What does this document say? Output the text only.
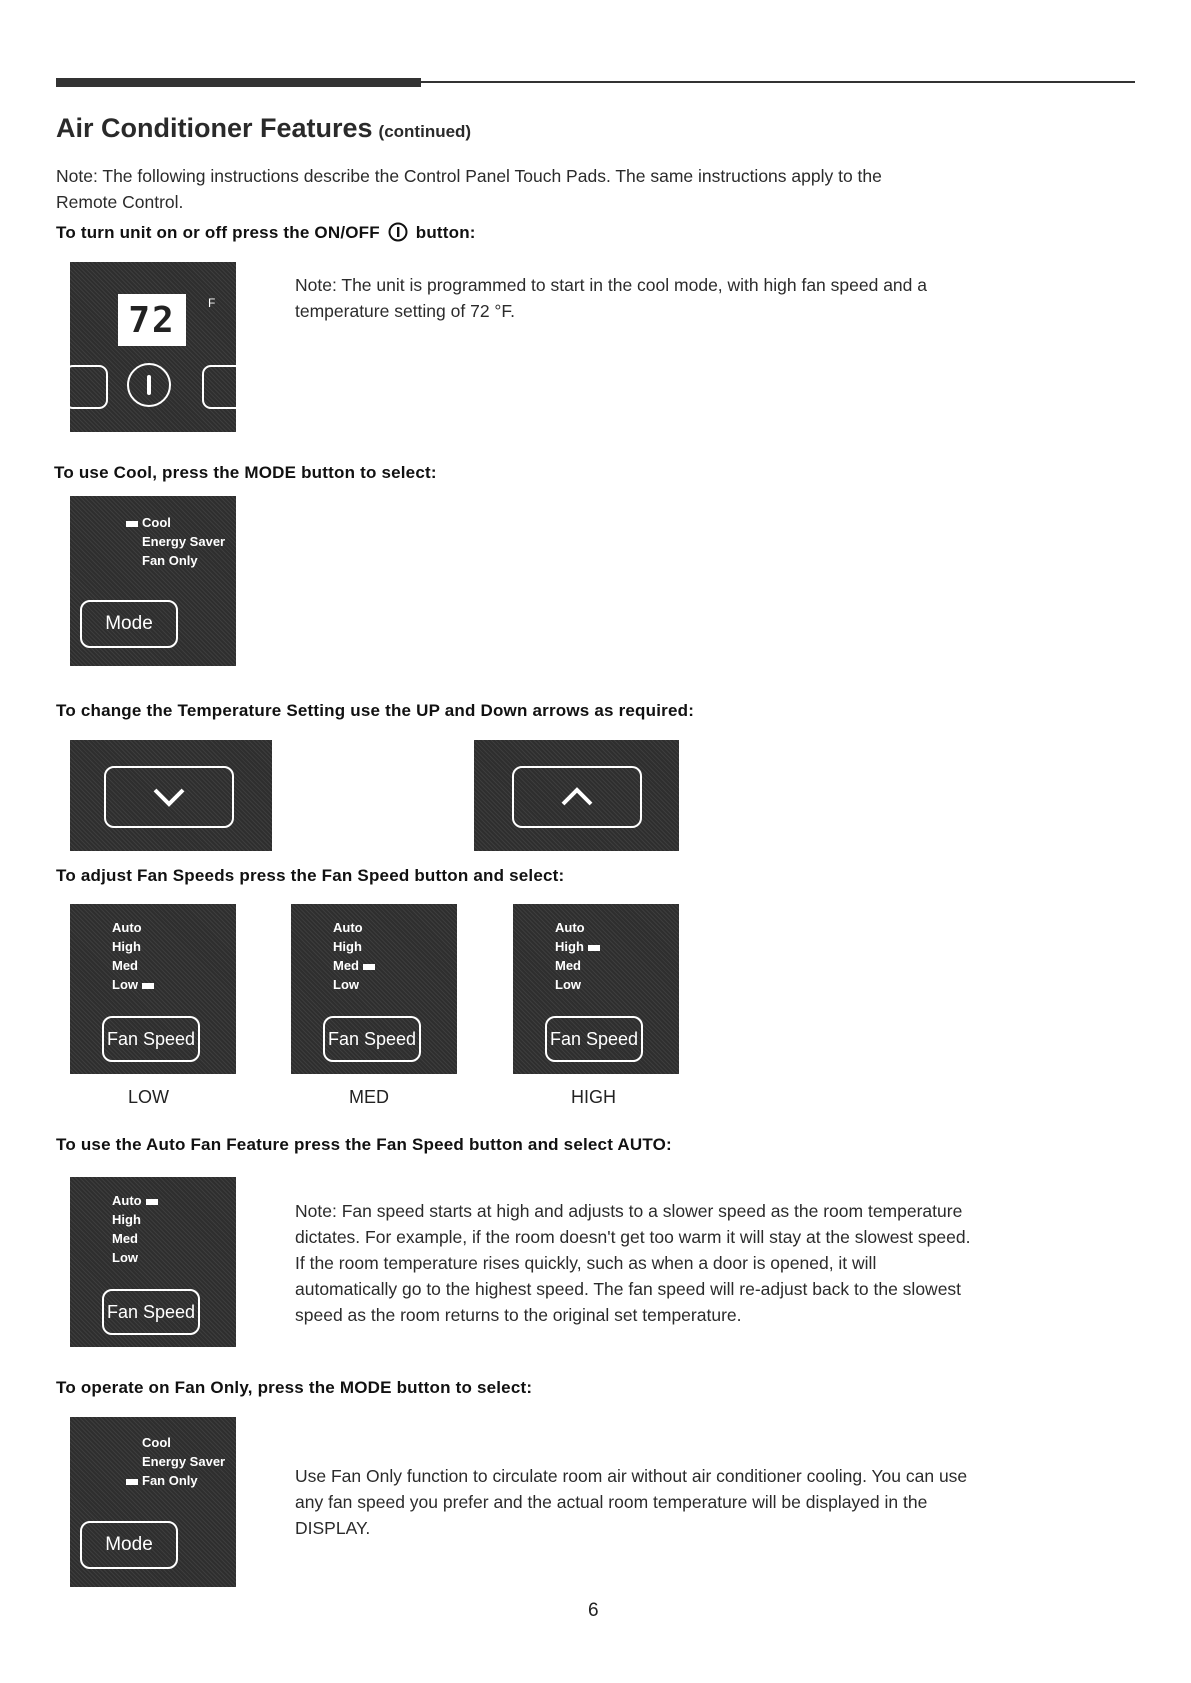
Air Conditioner Features (continued)
Note: The following instructions describe the Control Panel Touch Pads. The same instructions apply to the
Remote Control.
To turn unit on or off press the ON/OFF button:
72	F
Note: The unit is programmed to start in the cool mode, with high fan speed and a
temperature setting of 72 °F.
To use Cool, press the MODE button to select:
Cool
Energy Saver
Fan Only
Mode
To change the Temperature Setting use the UP and Down arrows as required:
To adjust Fan Speeds press the Fan Speed button and select:
Auto
High
Med
Low
Fan Speed
LOW
Auto
High
Med
Low
Fan Speed
MED
Auto
High
Med
Low
Fan Speed
HIGH
To use the Auto Fan Feature press the Fan Speed button and select AUTO:
Auto
High
Med
Low
Fan Speed
Note: Fan speed starts at high and adjusts to a slower speed as the room temperature
dictates. For example, if the room doesn't get too warm it will stay at the slowest speed.
If the room temperature rises quickly, such as when a door is opened, it will
automatically go to the highest speed. The fan speed will re-adjust back to the slowest
speed as the room returns to the original set temperature.
To operate on Fan Only, press the MODE button to select:
Cool
Energy Saver
Fan Only
Mode
Use Fan Only function to circulate room air without air conditioner cooling. You can use
any fan speed you prefer and the actual room temperature will be displayed in the
DISPLAY.
6
